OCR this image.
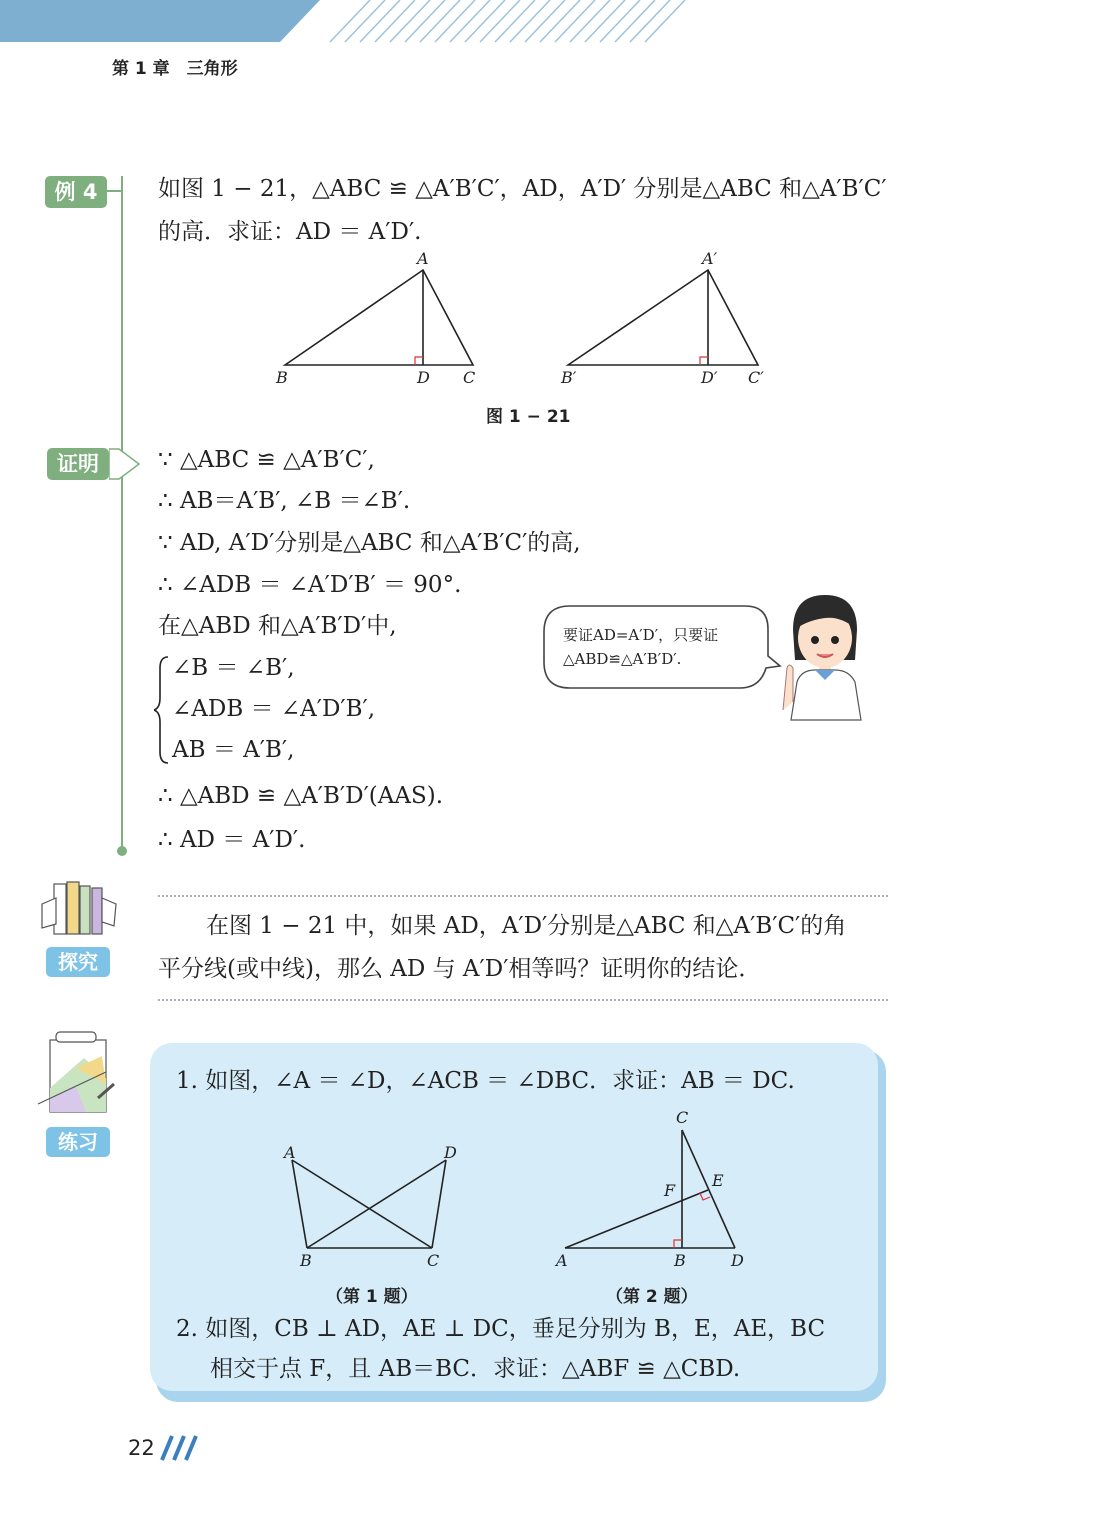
第 1 章　三角形
例 4	如图 1 − 21，△ABC ≌ △A′B′C′，AD，A′D′ 分别是△ABC 和△A′B′C′
的高．求证：AD ＝ A′D′.
A
B	D C
A′
B′	D′ C′
图 1 − 21
证明	∵ △ABC ≌ △A′B′C′,
∴ AB＝A′B′, ∠B ＝∠B′.
∵ AD, A′D′分别是△ABC 和△A′B′C′的高,
∴ ∠ADB ＝ ∠A′D′B′ ＝ 90°.
在△ABD 和△A′B′D′中,
∠B ＝ ∠B′,
∠ADB ＝ ∠A′D′B′,
AB ＝ A′B′,
∴ △ABD ≌ △A′B′D′(AAS).
∴ AD ＝ A′D′.
要证AD=A′D′，只要证
△ABD≌△A′B′D′.
探究
在图 1 − 21 中，如果 AD，A′D′分别是△ABC 和△A′B′C′的角
平分线(或中线)，那么 AD 与 A′D′相等吗？证明你的结论．
练习
1. 如图，∠A ＝ ∠D，∠ACB ＝ ∠DBC．求证：AB ＝ DC.
A	D
B	C
（第 1 题）
C
E
F
A	B	D
（第 2 题）
2. 如图，CB ⊥ AD，AE ⊥ DC，垂足分别为 B，E，AE，BC
相交于点 F，且 AB＝BC．求证：△ABF ≌ △CBD.
22
